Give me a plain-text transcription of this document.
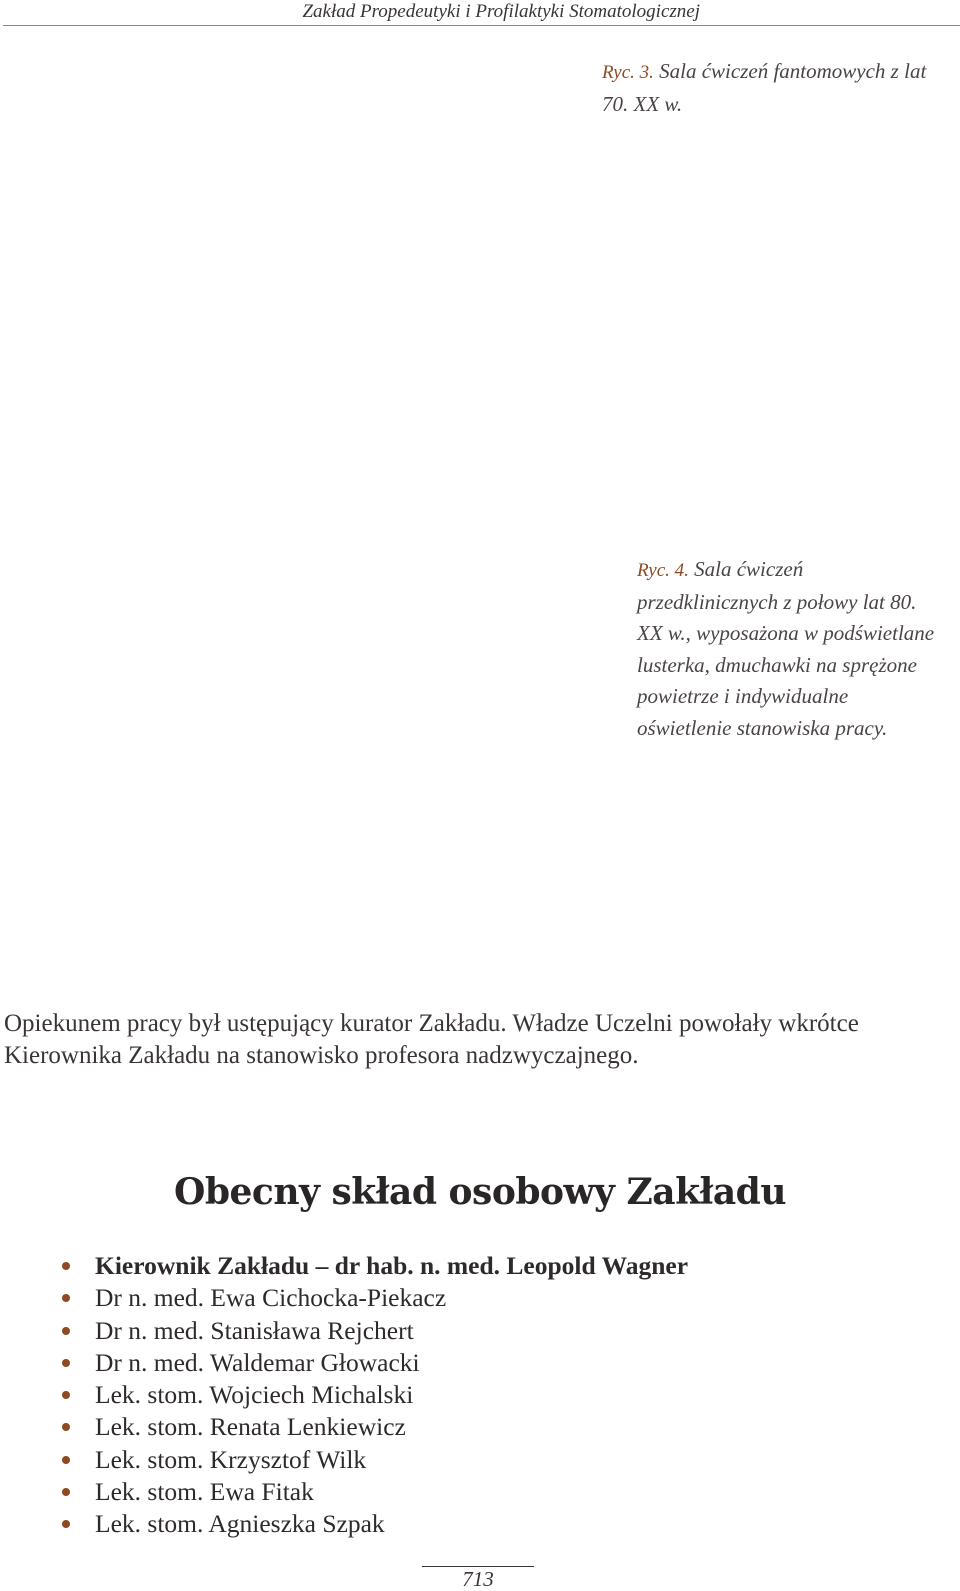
Zakład Propedeutyki i Profilaktyki Stomatologicznej
Ryc. 3. Sala ćwiczeń fantomowych z lat 70. XX w.
Ryc. 4. Sala ćwiczeń przedklinicznych z połowy lat 80. XX w., wyposażona w podświetlane lusterka, dmuchawki na sprężone powietrze i indywidualne oświetlenie stanowiska pracy.

Opiekunem pracy był ustępujący kurator Zakładu. Władze Uczelni powołały wkrótce Kierownika Zakładu na stanowisko profesora nadzwyczajnego.

Obecny skład osobowy Zakładu
Kierownik Zakładu – dr hab. n. med. Leopold Wagner
Dr n. med. Ewa Cichocka-Piekacz
Dr n. med. Stanisława Rejchert
Dr n. med. Waldemar Głowacki
Lek. stom. Wojciech Michalski
Lek. stom. Renata Lenkiewicz
Lek. stom. Krzysztof Wilk
Lek. stom. Ewa Fitak
Lek. stom. Agnieszka Szpak
713
